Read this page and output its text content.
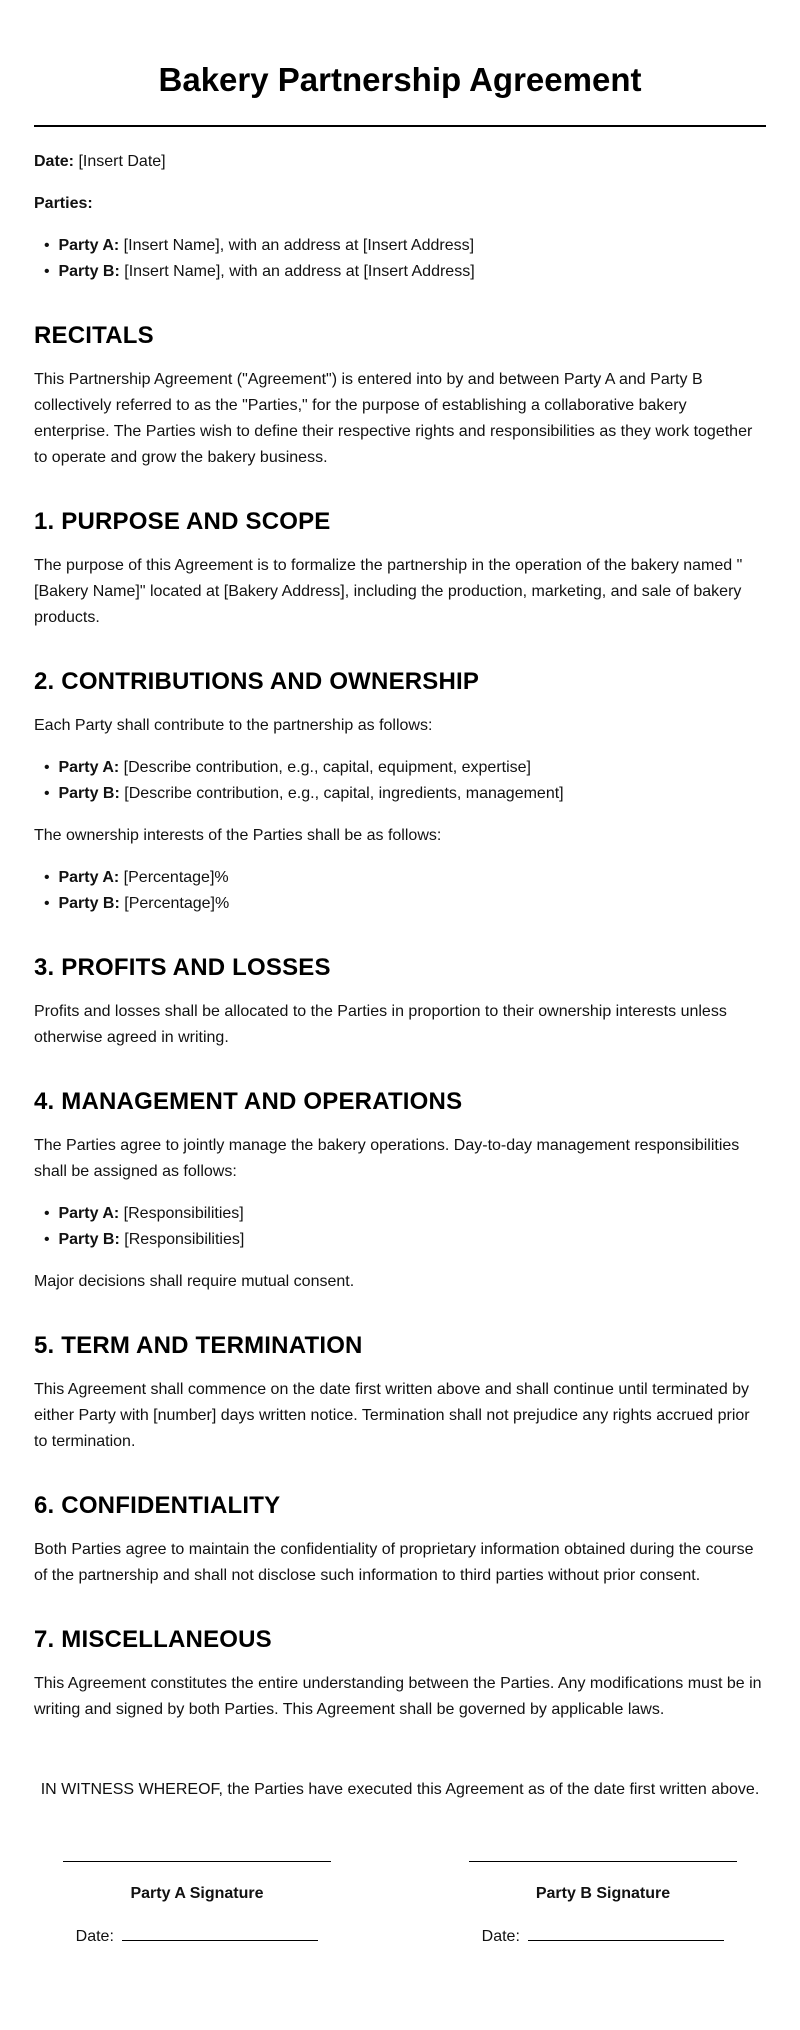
Bakery Partnership Agreement

Date: [Insert Date]

Parties:

• Party A: [Insert Name], with an address at [Insert Address]
• Party B: [Insert Name], with an address at [Insert Address]
RECITALS

This Partnership Agreement ("Agreement") is entered into by and between Party A and Party B collectively referred to as the "Parties," for the purpose of establishing a collaborative bakery enterprise. The Parties wish to define their respective rights and responsibilities as they work together to operate and grow the bakery business.

1. PURPOSE AND SCOPE

The purpose of this Agreement is to formalize the partnership in the operation of the bakery named "[Bakery Name]" located at [Bakery Address], including the production, marketing, and sale of bakery products.

2. CONTRIBUTIONS AND OWNERSHIP

Each Party shall contribute to the partnership as follows:

• Party A: [Describe contribution, e.g., capital, equipment, expertise]
• Party B: [Describe contribution, e.g., capital, ingredients, management]

The ownership interests of the Parties shall be as follows:

• Party A: [Percentage]%
• Party B: [Percentage]%
3. PROFITS AND LOSSES

Profits and losses shall be allocated to the Parties in proportion to their ownership interests unless otherwise agreed in writing.

4. MANAGEMENT AND OPERATIONS

The Parties agree to jointly manage the bakery operations. Day-to-day management responsibilities shall be assigned as follows:

• Party A: [Responsibilities]
• Party B: [Responsibilities]

Major decisions shall require mutual consent.

5. TERM AND TERMINATION

This Agreement shall commence on the date first written above and shall continue until terminated by either Party with [number] days written notice. Termination shall not prejudice any rights accrued prior to termination.

6. CONFIDENTIALITY

Both Parties agree to maintain the confidentiality of proprietary information obtained during the course of the partnership and shall not disclose such information to third parties without prior consent.

7. MISCELLANEOUS

This Agreement constitutes the entire understanding between the Parties. Any modifications must be in writing and signed by both Parties. This Agreement shall be governed by applicable laws.

IN WITNESS WHEREOF, the Parties have executed this Agreement as of the date first written above.

Party A Signature
Date:
Party B Signature
Date:
